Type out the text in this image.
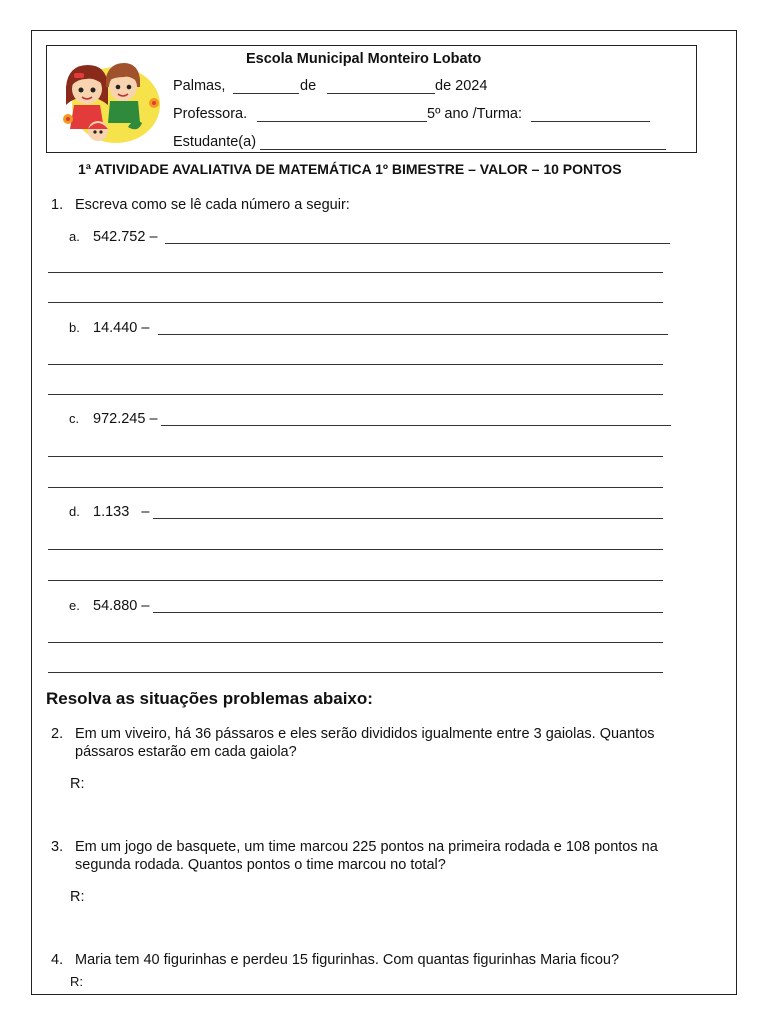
Escola Municipal Monteiro Lobato
Palmas,	de	de 2024
Professora.	5º ano /Turma:
Estudante(a)
1ª ATIVIDADE AVALIATIVA DE MATEMÁTICA 1º BIMESTRE – VALOR – 10 PONTOS
1. Escreva como se lê cada número a seguir:
a. 542.752 –
b. 14.440 –
c. 972.245 –
d. 1.133   –
e. 54.880 –
Resolva as situações problemas abaixo:
2. Em um viveiro, há 36 pássaros e eles serão divididos igualmente entre 3 gaiolas. Quantos
pássaros estarão em cada gaiola?
R:
3. Em um jogo de basquete, um time marcou 225 pontos na primeira rodada e 108 pontos na
segunda rodada. Quantos pontos o time marcou no total?
R:
4. Maria tem 40 figurinhas e perdeu 15 figurinhas. Com quantas figurinhas Maria ficou?
R:
